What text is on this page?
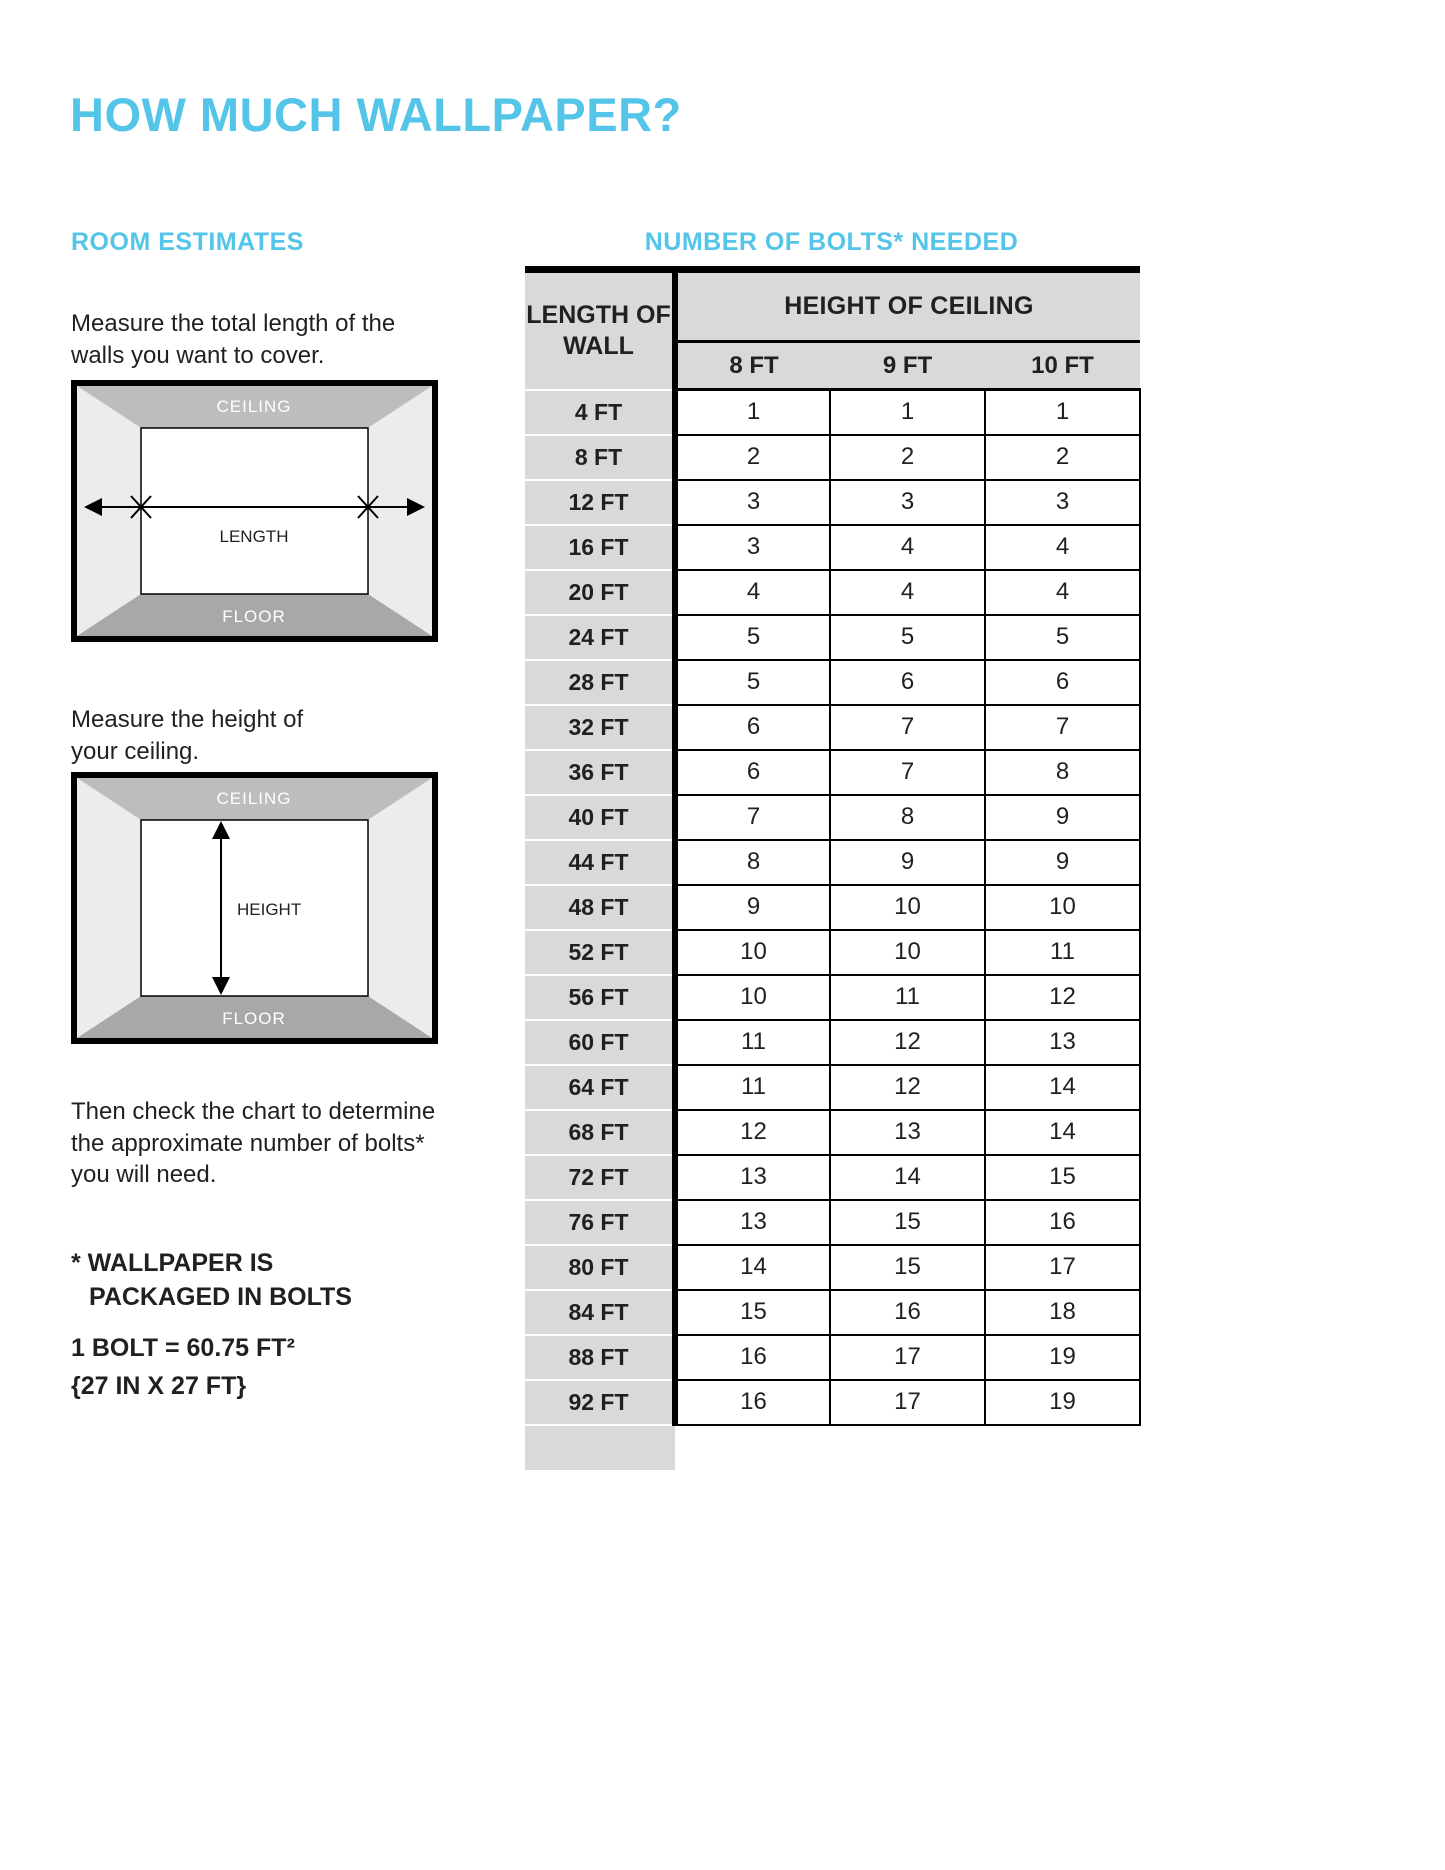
HOW MUCH WALLPAPER?
ROOM ESTIMATES	NUMBER OF BOLTS* NEEDED

Measure the total length of the walls you want to cover.

CEILING
FLOOR
LENGTH

Measure the height of your ceiling.

CEILING
FLOOR
HEIGHT

Then check the chart to determine the approximate number of bolts* you will need.

* WALLPAPER IS
PACKAGED IN BOLTS
1 BOLT = 60.75 FT²
{27 IN X 27 FT}
LENGTH OF WALL	HEIGHT OF CEILING		
	8 FT	9 FT	10 FT
4 FT	1	1	1
8 FT	2	2	2
12 FT	3	3	3
16 FT	3	4	4
20 FT	4	4	4
24 FT	5	5	5
28 FT	5	6	6
32 FT	6	7	7
36 FT	6	7	8
40 FT	7	8	9
44 FT	8	9	9
48 FT	9	10	10
52 FT	10	10	11
56 FT	10	11	12
60 FT	11	12	13
64 FT	11	12	14
68 FT	12	13	14
72 FT	13	14	15
76 FT	13	15	16
80 FT	14	15	17
84 FT	15	16	18
88 FT	16	17	19
92 FT	16	17	19
